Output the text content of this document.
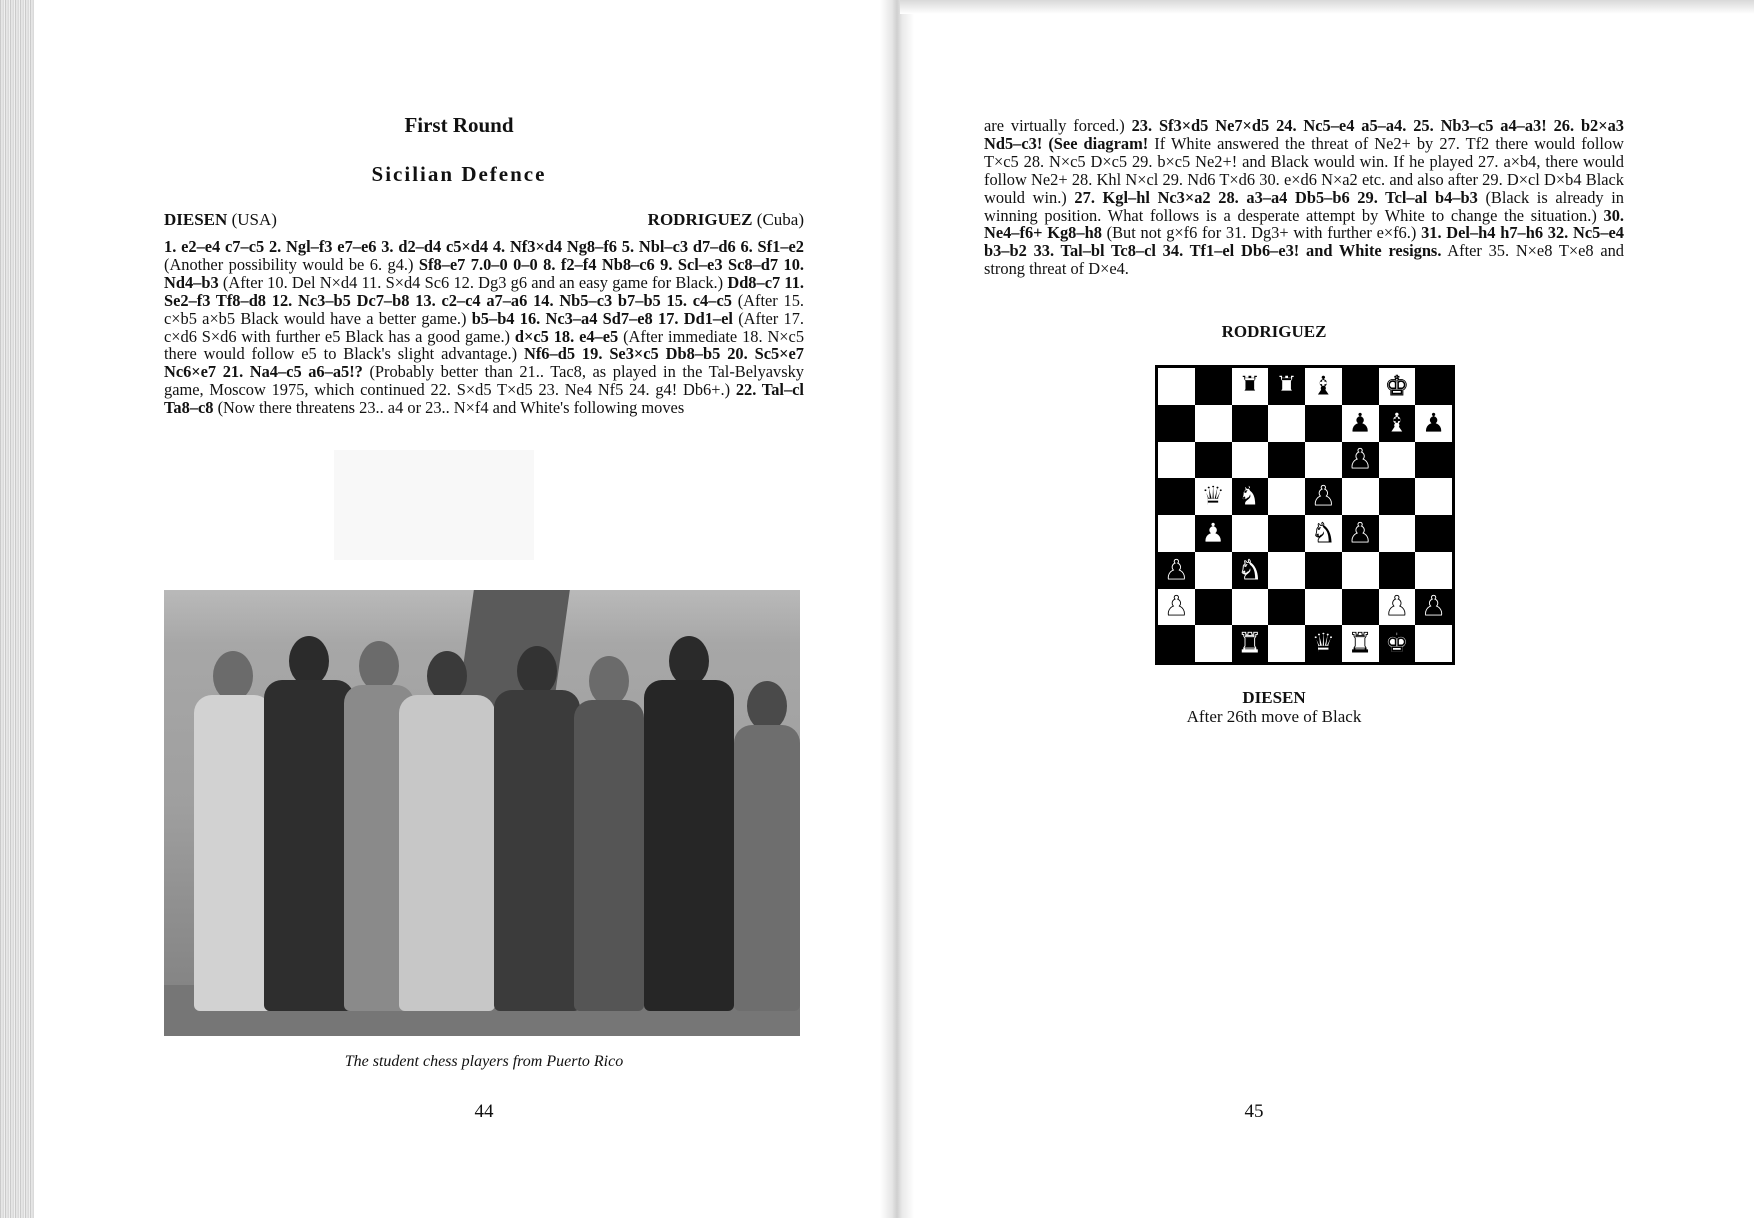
First Round
Sicilian Defence
DIESEN (USA)	RODRIGUEZ (Cuba)

1. e2–e4 c7–c5 2. Ngl–f3 e7–e6 3. d2–d4 c5×d4 4. Nf3×d4 Ng8–f6 5. Nbl–c3 d7–d6 6. Sf1–e2 (Another possibility would be 6. g4.) Sf8–e7 7.0–0 0–0 8. f2–f4 Nb8–c6 9. Scl–e3 Sc8–d7 10. Nd4–b3 (After 10. Del N×d4 11. S×d4 Sc6 12. Dg3 g6 and an easy game for Black.) Dd8–c7 11. Se2–f3 Tf8–d8 12. Nc3–b5 Dc7–b8 13. c2–c4 a7–a6 14. Nb5–c3 b7–b5 15. c4–c5 (After 15. c×b5 a×b5 Black would have a better game.) b5–b4 16. Nc3–a4 Sd7–e8 17. Dd1–el (After 17. c×d6 S×d6 with further e5 Black has a good game.) d×c5 18. e4–e5 (After immediate 18. N×c5 there would follow e5 to Black's slight advantage.) Nf6–d5 19. Se3×c5 Db8–b5 20. Sc5×e7 Nc6×e7 21. Na4–c5 a6–a5!? (Probably better than 21.. Tac8, as played in the Tal-Belyavsky game, Moscow 1975, which continued 22. S×d5 T×d5 23. Ne4 Nf5 24. g4! Db6+.) 22. Tal–cl Ta8–c8 (Now there threatens 23.. a4 or 23.. N×f4 and White's following moves

The student chess players from Puerto Rico
44

are virtually forced.) 23. Sf3×d5 Ne7×d5 24. Nc5–e4 a5–a4. 25. Nb3–c5 a4–a3! 26. b2×a3 Nd5–c3! (See diagram! If White answered the threat of Ne2+ by 27. Tf2 there would follow T×c5 28. N×c5 D×c5 29. b×c5 Ne2+! and Black would win. If he played 27. a×b4, there would follow Ne2+ 28. Khl N×cl 29. Nd6 T×d6 30. e×d6 N×a2 etc. and also after 29. D×cl D×b4 Black would win.) 27. Kgl–hl Nc3×a2 28. a3–a4 Db5–b6 29. Tcl–al b4–b3 (Black is already in winning position. What follows is a desperate attempt by White to change the situation.) 30. Ne4–f6+ Kg8–h8 (But not g×f6 for 31. Dg3+ with further e×f6.) 31. Del–h4 h7–h6 32. Nc5–e4 b3–b2 33. Tal–bl Tc8–cl 34. Tf1–el Db6–e3! and White resigns. After 35. N×e8 T×e8 and strong threat of D×e4.

RODRIGUEZ
♜ ♜ ♝ ♚
♟ ♝ ♟
♟
♛ ♞ ♟
♟	♞ ♟
♟ ♞
♟	♟ ♟
♜ ♛ ♜ ♚
DIESEN
After 26th move of Black
45
